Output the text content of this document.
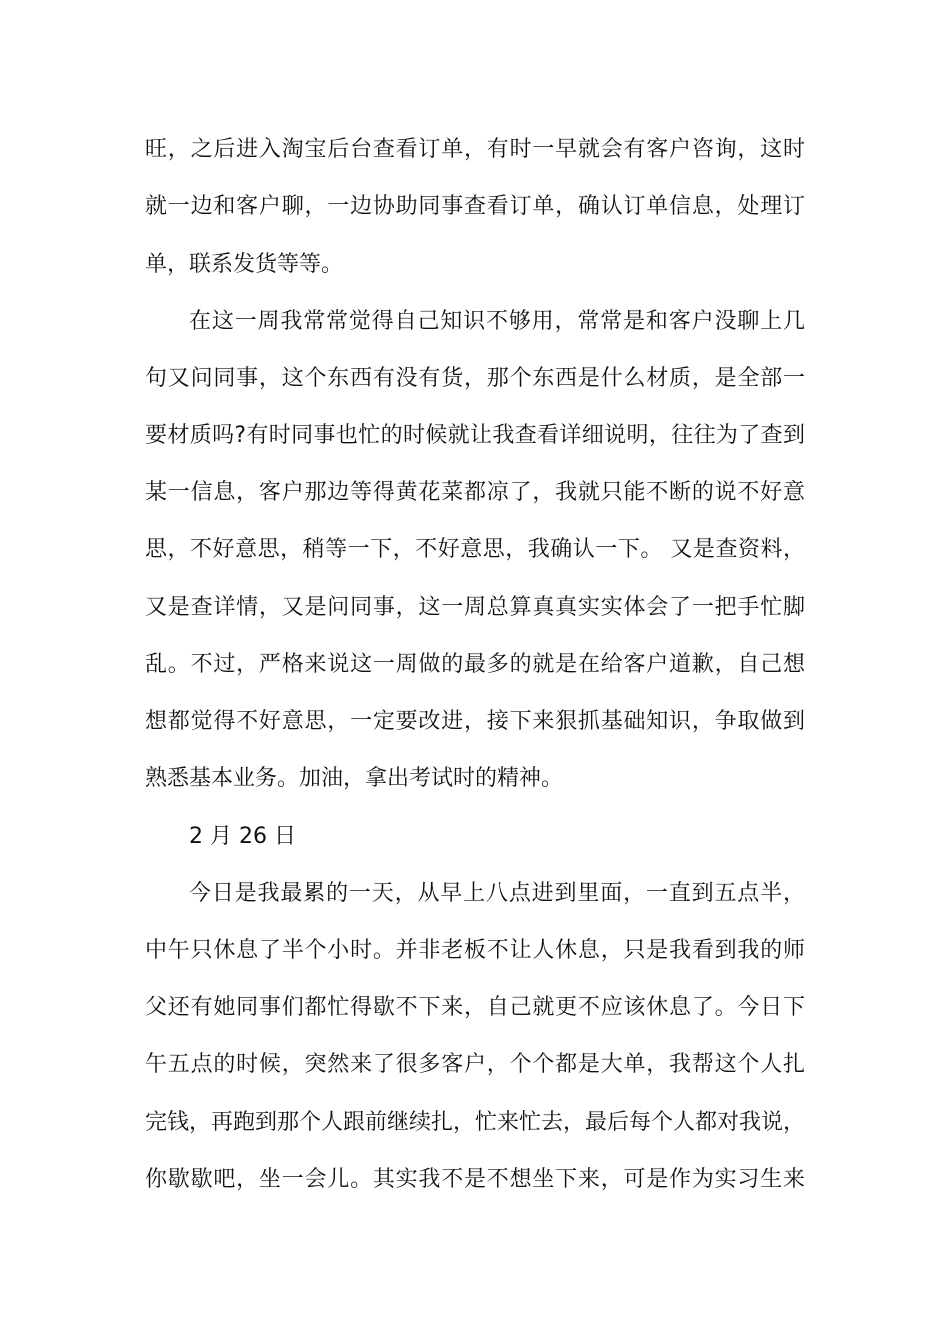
旺，之后进入淘宝后台查看订单，有时一早就会有客户咨询，这时
就一边和客户聊，一边协助同事查看订单，确认订单信息，处理订
单，联系发货等等。
在这一周我常常觉得自己知识不够用，常常是和客户没聊上几
句又问同事，这个东西有没有货，那个东西是什么材质，是全部一
要材质吗?有时同事也忙的时候就让我查看详细说明，往往为了查到
某一信息，客户那边等得黄花菜都凉了，我就只能不断的说不好意
思，不好意思，稍等一下，不好意思，我确认一下。 又是查资料，
又是查详情，又是问同事，这一周总算真真实实体会了一把手忙脚
乱。不过，严格来说这一周做的最多的就是在给客户道歉，自己想
想都觉得不好意思，一定要改进，接下来狠抓基础知识，争取做到
熟悉基本业务。加油，拿出考试时的精神。
2 月 26 日
今日是我最累的一天，从早上八点进到里面，一直到五点半，
中午只休息了半个小时。并非老板不让人休息，只是我看到我的师
父还有她同事们都忙得歇不下来，自己就更不应该休息了。今日下
午五点的时候，突然来了很多客户，个个都是大单，我帮这个人扎
完钱，再跑到那个人跟前继续扎，忙来忙去，最后每个人都对我说，
你歇歇吧，坐一会儿。其实我不是不想坐下来，可是作为实习生来
